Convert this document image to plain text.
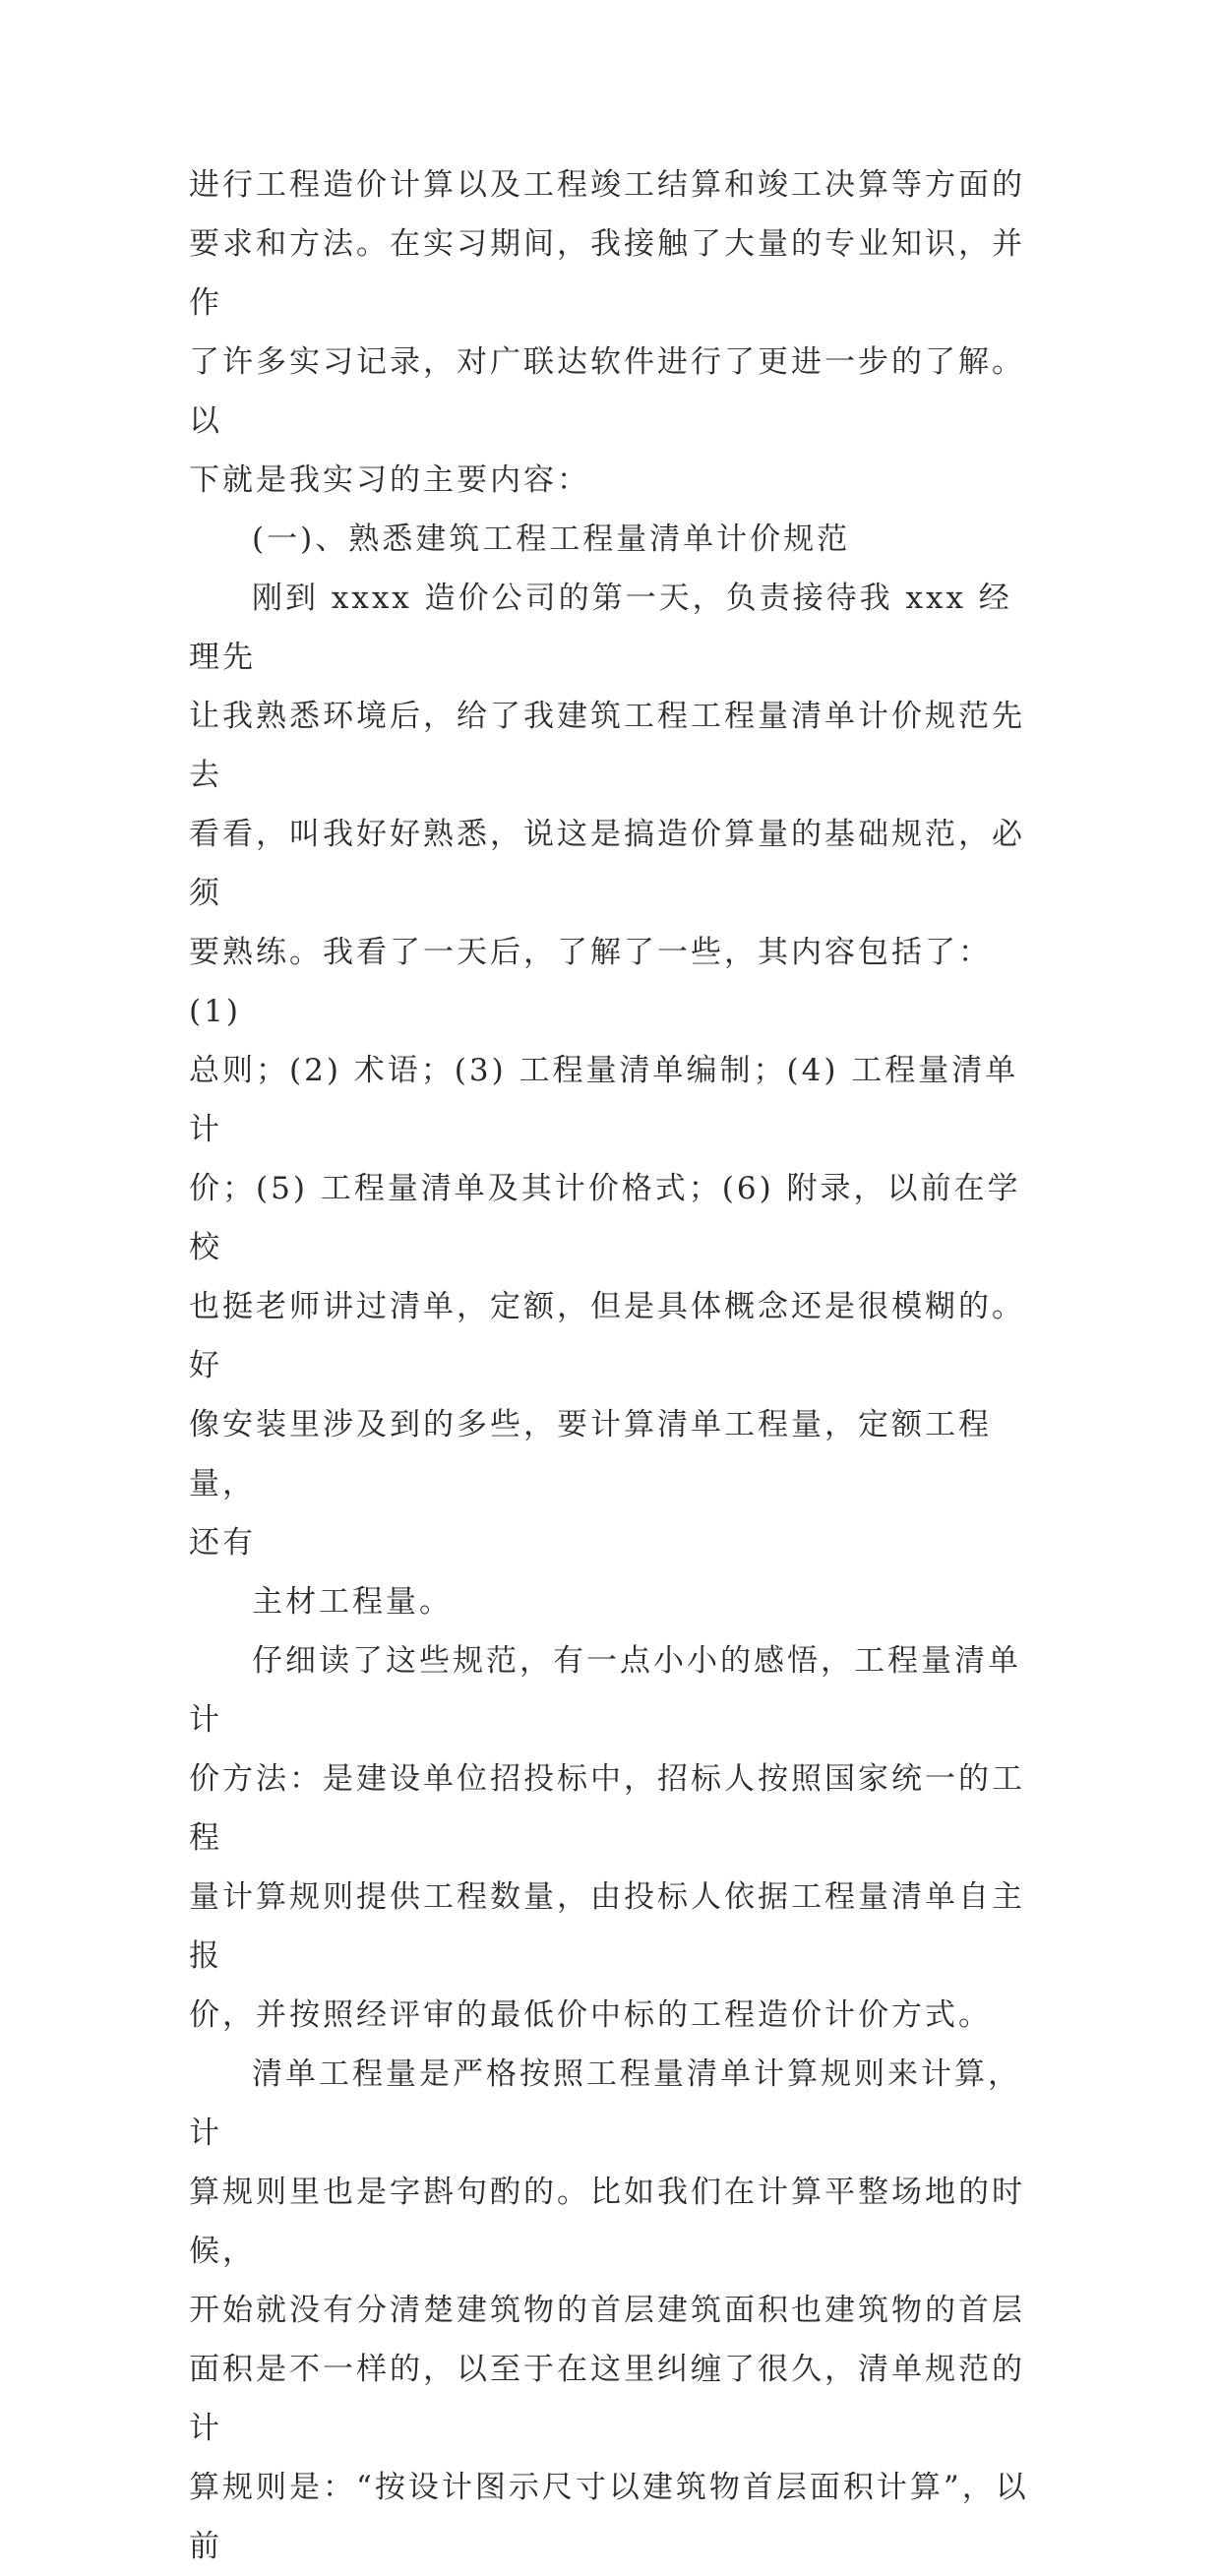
进行工程造价计算以及工程竣工结算和竣工决算等方面的
要求和方法。在实习期间，我接触了大量的专业知识，并作
了许多实习记录，对广联达软件进行了更进一步的了解。以
下就是我实习的主要内容：

(一)、熟悉建筑工程工程量清单计价规范

刚到 xxxx 造价公司的第一天，负责接待我 xxx 经理先
让我熟悉环境后，给了我建筑工程工程量清单计价规范先去
看看，叫我好好熟悉，说这是搞造价算量的基础规范，必须
要熟练。我看了一天后，了解了一些，其内容包括了：(1)
总则；(2) 术语；(3) 工程量清单编制；(4) 工程量清单计
价；(5) 工程量清单及其计价格式；(6) 附录，以前在学校
也挺老师讲过清单，定额，但是具体概念还是很模糊的。好
像安装里涉及到的多些，要计算清单工程量，定额工程量，
还有

主材工程量。

仔细读了这些规范，有一点小小的感悟，工程量清单计
价方法：是建设单位招投标中，招标人按照国家统一的工程
量计算规则提供工程数量，由投标人依据工程量清单自主报
价，并按照经评审的最低价中标的工程造价计价方式。

清单工程量是严格按照工程量清单计算规则来计算，计
算规则里也是字斟句酌的。比如我们在计算平整场地的时候，
开始就没有分清楚建筑物的首层建筑面积也建筑物的首层
面积是不一样的，以至于在这里纠缠了很久，清单规范的计
算规则是：“按设计图示尺寸以建筑物首层面积计算”，以前
